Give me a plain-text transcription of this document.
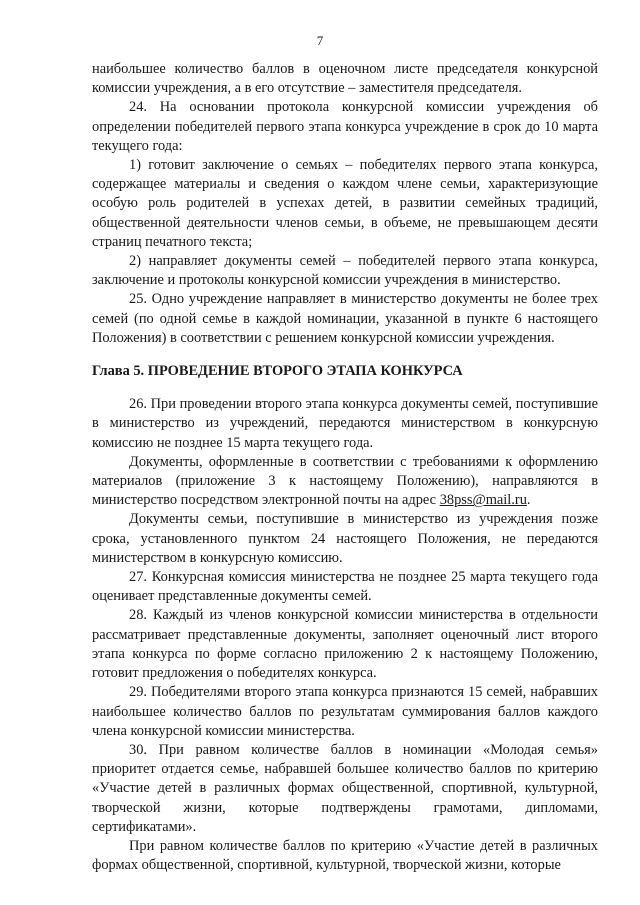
7

наибольшее количество баллов в оценочном листе председателя конкурсной комиссии учреждения, а в его отсутствие – заместителя председателя.

24. На основании протокола конкурсной комиссии учреждения об определении победителей первого этапа конкурса учреждение в срок до 10 марта текущего года:

1) готовит заключение о семьях – победителях первого этапа конкурса, содержащее материалы и сведения о каждом члене семьи, характеризующие особую роль родителей в успехах детей, в развитии семейных традиций, общественной деятельности членов семьи, в объеме, не превышающем десяти страниц печатного текста;

2) направляет документы семей – победителей первого этапа конкурса, заключение и протоколы конкурсной комиссии учреждения в министерство.

25. Одно учреждение направляет в министерство документы не более трех семей (по одной семье в каждой номинации, указанной в пункте 6 настоящего Положения) в соответствии с решением конкурсной комиссии учреждения.

Глава 5. ПРОВЕДЕНИЕ ВТОРОГО ЭТАПА КОНКУРСА

26. При проведении второго этапа конкурса документы семей, поступившие в министерство из учреждений, передаются министерством в конкурсную комиссию не позднее 15 марта текущего года.

Документы, оформленные в соответствии с требованиями к оформлению материалов (приложение 3 к настоящему Положению), направляются в министерство посредством электронной почты на адрес 38pss@mail.ru.

Документы семьи, поступившие в министерство из учреждения позже срока, установленного пунктом 24 настоящего Положения, не передаются министерством в конкурсную комиссию.

27. Конкурсная комиссия министерства не позднее 25 марта текущего года оценивает представленные документы семей.

28. Каждый из членов конкурсной комиссии министерства в отдельности рассматривает представленные документы, заполняет оценочный лист второго этапа конкурса по форме согласно приложению 2 к настоящему Положению, готовит предложения о победителях конкурса.

29. Победителями второго этапа конкурса признаются 15 семей, набравших наибольшее количество баллов по результатам суммирования баллов каждого члена конкурсной комиссии министерства.

30. При равном количестве баллов в номинации «Молодая семья» приоритет отдается семье, набравшей большее количество баллов по критерию «Участие детей в различных формах общественной, спортивной, культурной, творческой жизни, которые подтверждены грамотами, дипломами, сертификатами».

При равном количестве баллов по критерию «Участие детей в различных формах общественной, спортивной, культурной, творческой жизни, которые
